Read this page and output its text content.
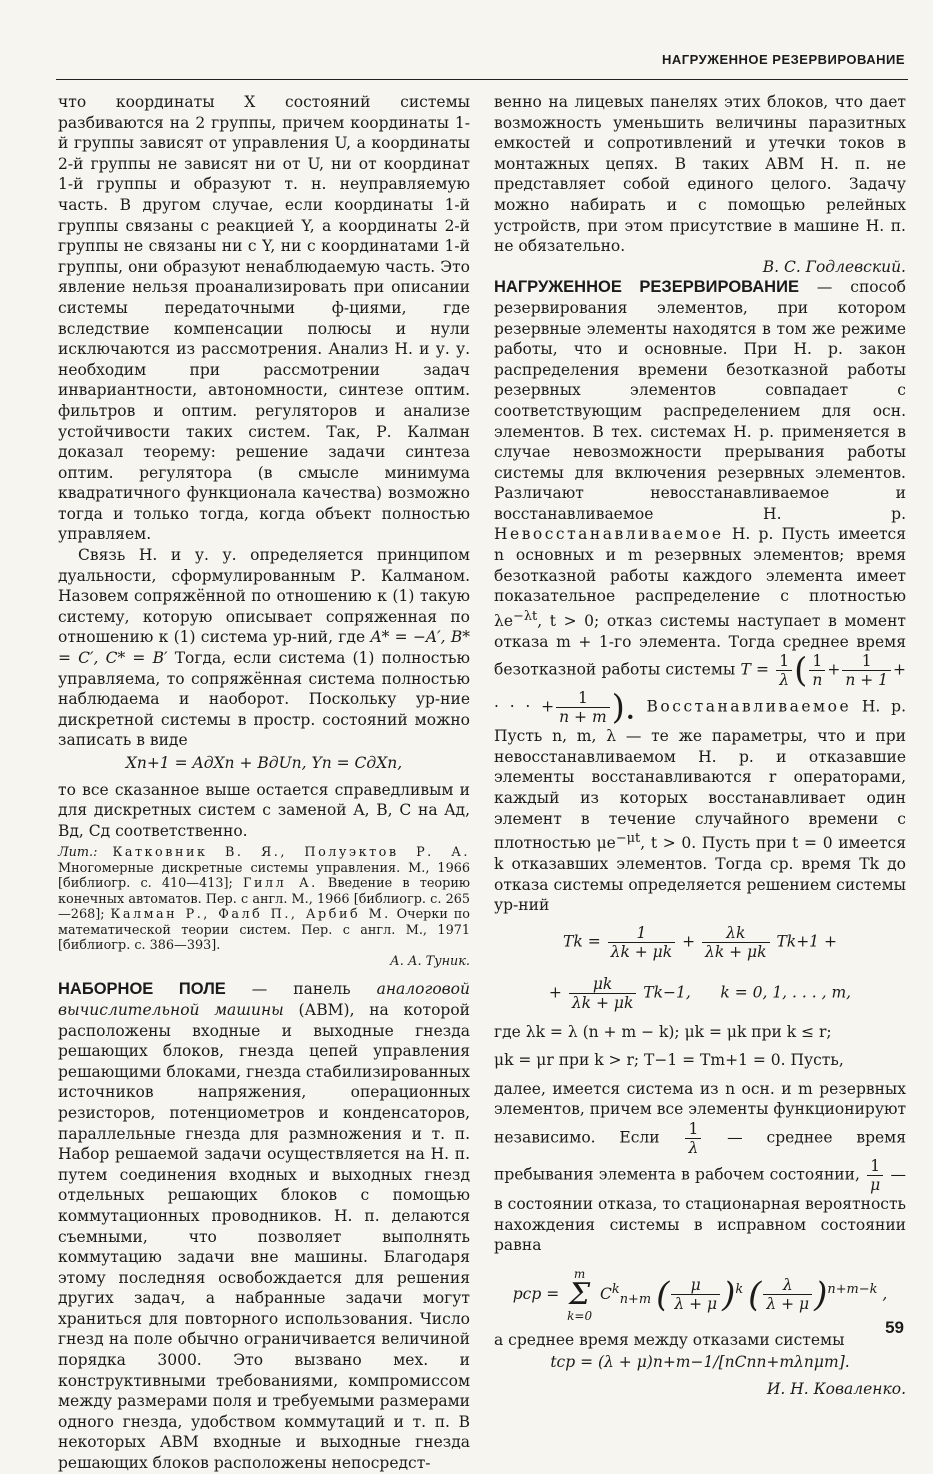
НАГРУЖЕННОЕ РЕЗЕРВИРОВАНИЕ

что координаты X состояний системы разбиваются на 2 группы, причем координаты 1-й группы зависят от управления U, а координаты 2-й группы не зависят ни от U, ни от координат 1-й группы и образуют т. н. неуправляемую часть. В другом случае, если координаты 1-й группы связаны с реакцией Y, а координаты 2-й группы не связаны ни с Y, ни с координатами 1-й группы, они образуют ненаблюдаемую часть. Это явление нельзя проанализировать при описании системы передаточными ф-циями, где вследствие компенсации полюсы и нули исключаются из рассмотрения. Анализ Н. и у. у. необходим при рассмотрении задач инвариантности, автономности, синтезе оптим. фильтров и оптим. регуляторов и анализе устойчивости таких систем. Так, Р. Калман доказал теорему: решение задачи синтеза оптим. регулятора (в смысле минимума квадратичного функционала качества) возможно тогда и только тогда, когда объект полностью управляем.

Связь Н. и у. у. определяется принципом дуальности, сформулированным Р. Калманом. Назовем сопряжённой по отношению к (1) такую систему, которую описывает сопряженная по отношению к (1) система ур-ний, где A* = −A′, B* = C′, C* = B′ Тогда, если система (1) полностью управляема, то сопряжённая система полностью наблюдаема и наоборот. Поскольку ур-ние дискретной системы в простр. состояний можно записать в виде

Xn+1 = AдXn + BдUn, Yn = CдXn,

то все сказанное выше остается справедливым и для дискретных систем с заменой A, B, C на Aд, Bд, Cд соответственно.

Лит.: Катковник В. Я., Полуэктов Р. А. Многомерные дискретные системы управления. М., 1966 [библиогр. с. 410—413]; Гилл А. Введение в теорию конечных автоматов. Пер. с англ. М., 1966 [библиогр. с. 265—268]; Калман Р., Фалб П., Арбиб М. Очерки по математической теории систем. Пер. с англ. М., 1971 [библиогр. с. 386—393].

А. А. Туник.

НАБОРНОЕ ПОЛЕ — панель аналоговой вычислительной машины (АВМ), на которой расположены входные и выходные гнезда решающих блоков, гнезда цепей управления решающими блоками, гнезда стабилизированных источников напряжения, операционных резисторов, потенциометров и конденсаторов, параллельные гнезда для размножения и т. п. Набор решаемой задачи осуществляется на Н. п. путем соединения входных и выходных гнезд отдельных решающих блоков с помощью коммутационных проводников. Н. п. делаются съемными, что позволяет выполнять коммутацию задачи вне машины. Благодаря этому последняя освобождается для решения других задач, а набранные задачи могут храниться для повторного использования. Число гнезд на поле обычно ограничивается величиной порядка 3000. Это вызвано мех. и конструктивными требованиями, компромиссом между размерами поля и требуемыми размерами одного гнезда, удобством коммутаций и т. п. В некоторых АВМ входные и выходные гнезда решающих блоков расположены непосредст-

венно на лицевых панелях этих блоков, что дает возможность уменьшить величины паразитных емкостей и сопротивлений и утечки токов в монтажных цепях. В таких АВМ Н. п. не представляет собой единого целого. Задачу можно набирать и с помощью релейных устройств, при этом присутствие в машине Н. п. не обязательно.

В. С. Годлевский.

НАГРУЖЕННОЕ РЕЗЕРВИРОВАНИЕ — способ резервирования элементов, при котором резервные элементы находятся в том же режиме работы, что и основные. При Н. р. закон распределения времени безотказной работы резервных элементов совпадает с соответствующим распределением для осн. элементов. В тех. системах Н. р. применяется в случае невозможности прерывания работы системы для включения резервных элементов. Различают невосстанавливаемое и восстанавливаемое Н. р. Невосстанавливаемое Н. р. Пусть имеется n основных и m резервных элементов; время безотказной работы каждого элемента имеет показательное распределение с плотностью $\lambda e^{-\lambda t}$, t > 0; отказ системы наступает в момент отказа m + 1-го элемента. Тогда среднее время безотказной работы системы $T = \frac{1}{\lambda}$ ( $\frac{1}{n} + \frac{1}{n + 1}$ + · · · + $\frac{1}{n + m}$ ). Восстанавливаемое Н. р. Пусть n, m, λ — те же параметры, что и при невосстанавливаемом Н. р. и отказавшие элементы восстанавливаются r операторами, каждый из которых восстанавливает один элемент в течение случайного времени с плотностью $\mu e^{-\mu t}$, t > 0. Пусть при t = 0 имеется k отказавших элементов. Тогда ср. время Tk до отказа системы определяется решением системы ур-ний

$Tk = \frac{1}{\lambda k + \mu k} + \frac{\lambda k}{\lambda k + \mu k} Tk+1$ +
+ $\frac{\mu k}{\lambda k + \mu k} Tk-1$, k = 0, 1, . . . , m,

где λk = λ (n + m − k); μk = μk при k ≤ r;

μk = μr при k > r; T−1 = Tm+1 = 0. Пусть,

далее, имеется система из n осн. и m резервных элементов, причем все элементы функционируют независимо. Если $\frac{1}{\lambda}$ — среднее время пребывания элемента в рабочем состоянии, $\frac{1}{\mu}$ — в состоянии отказа, то стационарная вероятность нахождения системы в исправном состоянии равна

pср =
m
Σ
k=0
$C^k_{n+m}$ ( $\frac{\mu}{\lambda + \mu} )^k$ ( $\frac{\lambda}{\lambda + \mu} )^{n+m-k}$ ,

а среднее время между отказами системы

tср = (λ + μ)n+m−1/[nCnn+mλnμm].

И. Н. Коваленко.

59
